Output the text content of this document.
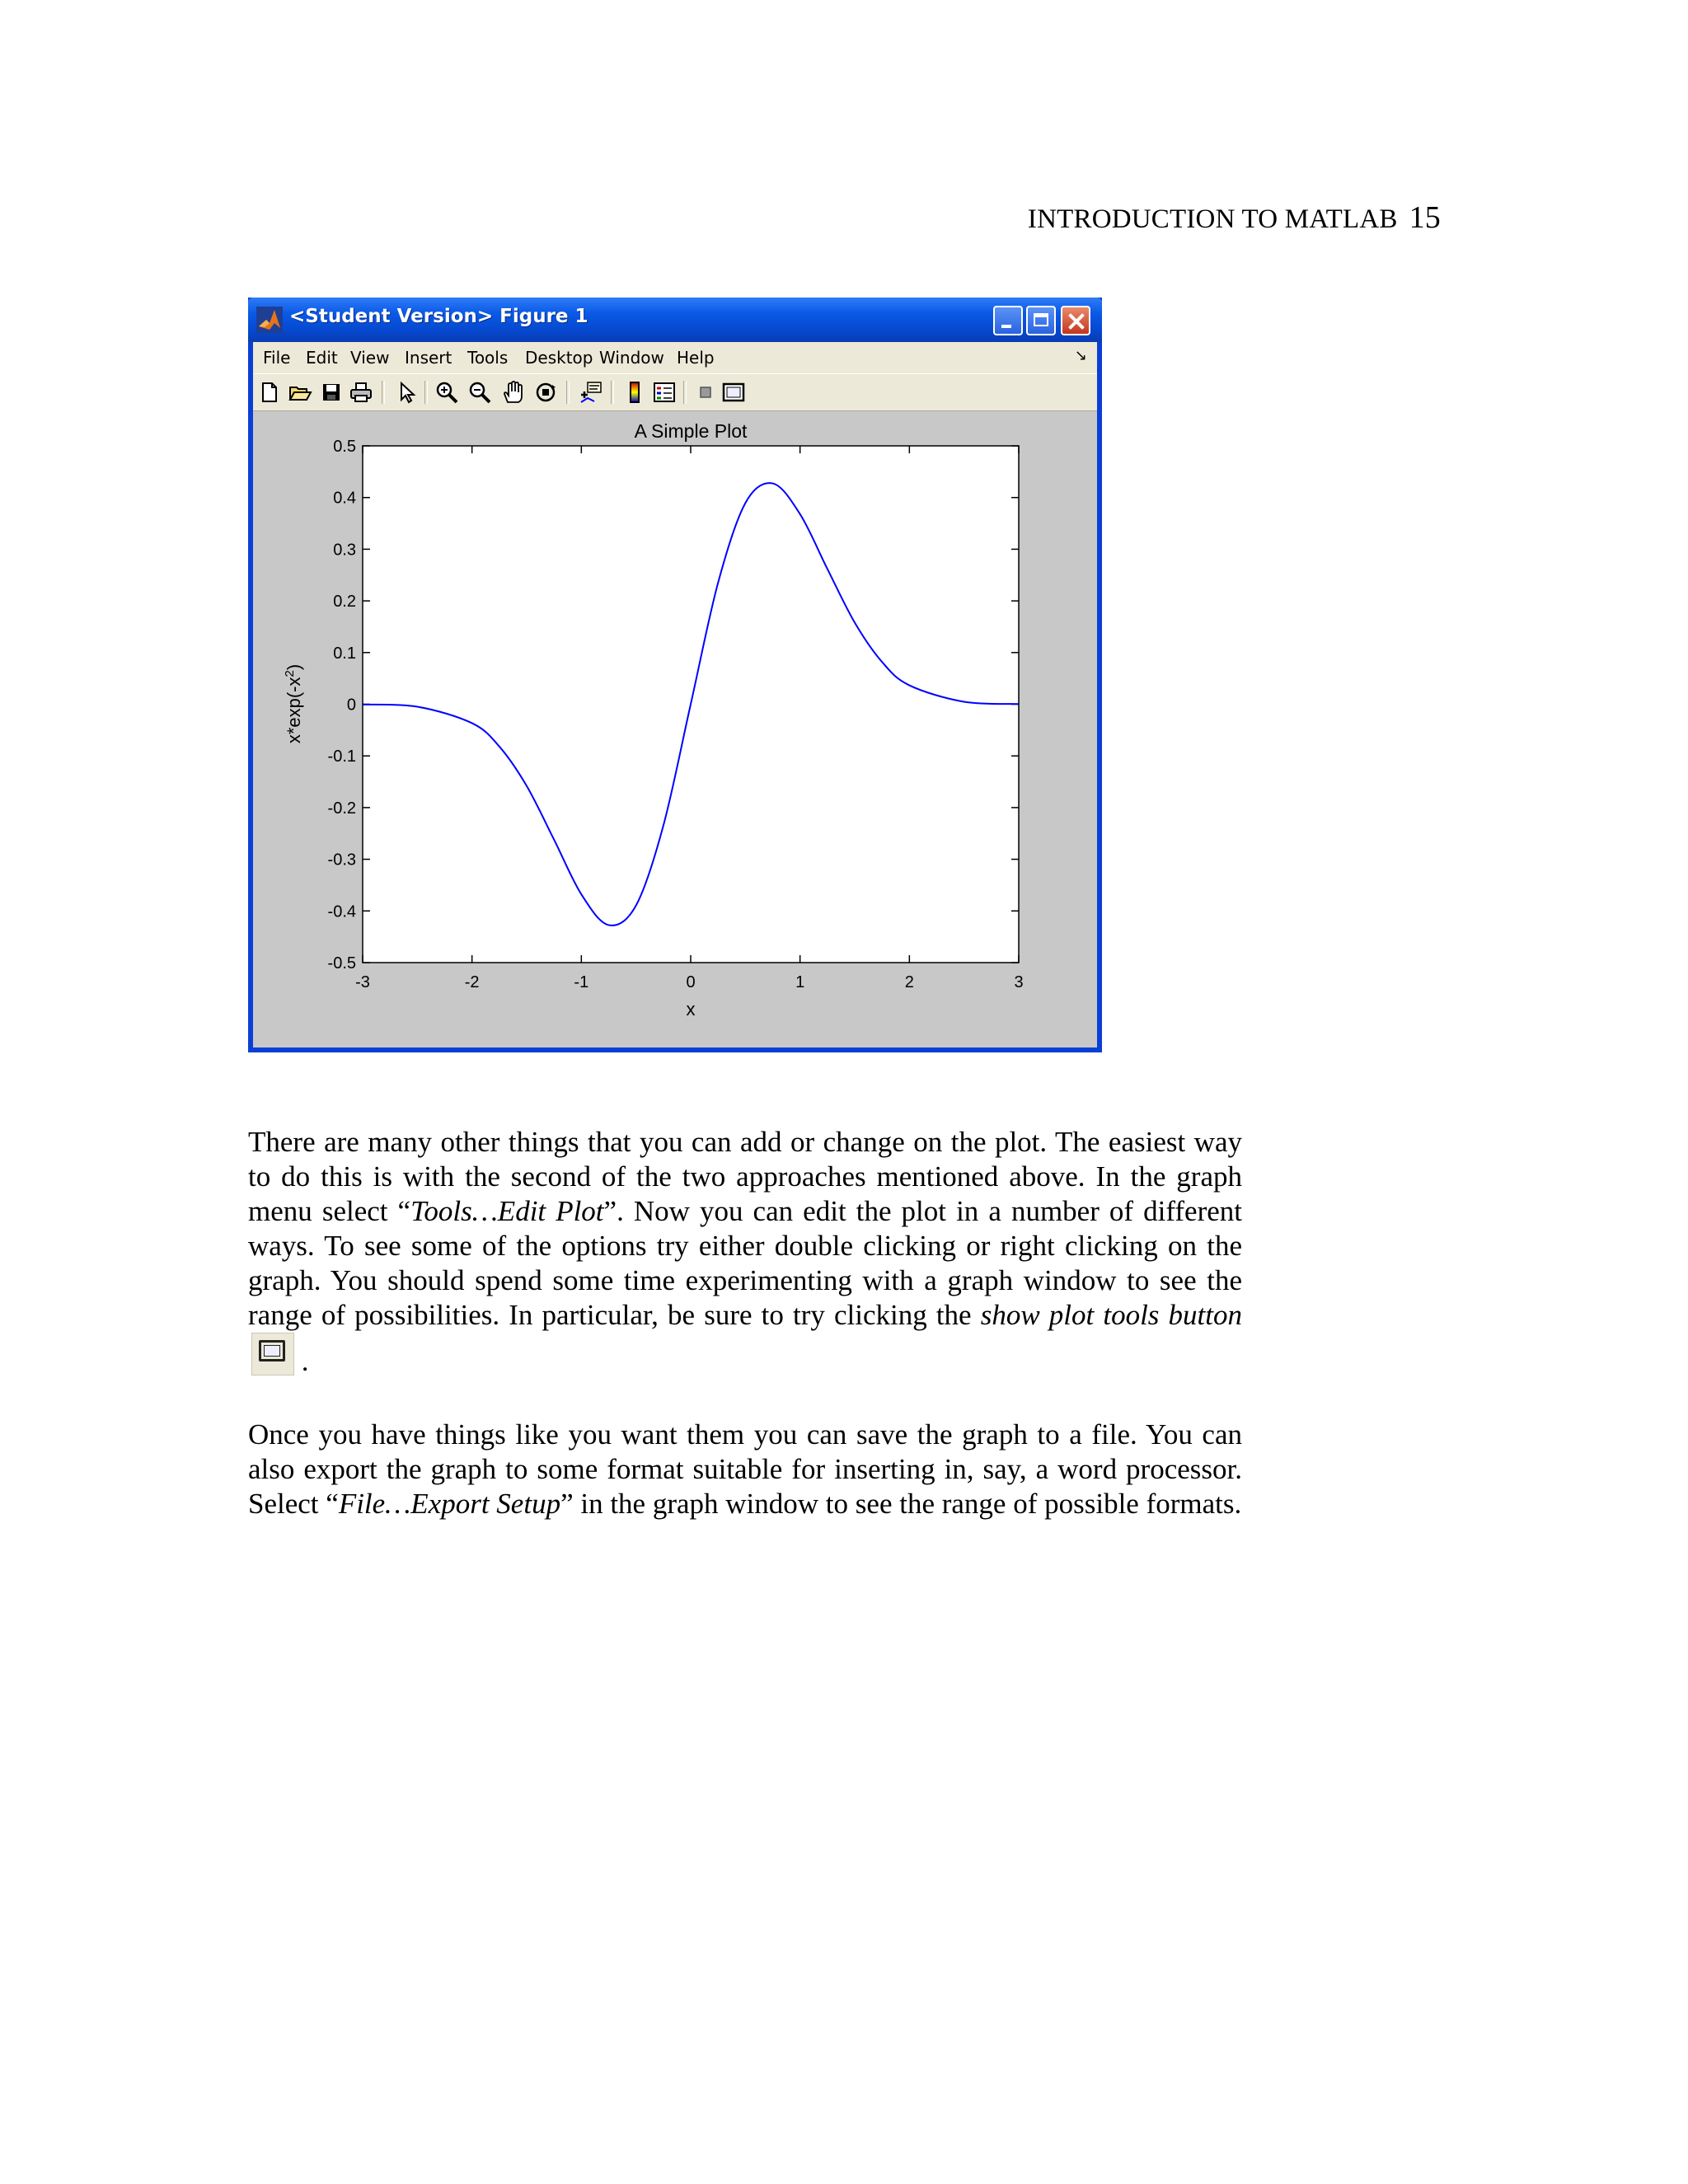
INTRODUCTION TO MATLAB 15
<Student Version> Figure 1
File Edit View Insert Tools Desktop Window Help	↘
A Simple Plot
x
$x*\exp(-x^2)$
-3	-2	-1	0	1	2	3
0.5
0.4
0.3
0.2
0.1
0
-0.1
-0.2
-0.3
-0.4
-0.5

There are many other things that you can add or change on the plot. The easiest way to do this is with the second of the two approaches mentioned above. In the graph menu select “Tools…Edit Plot”. Now you can edit the plot in a number of different ways. To see some of the options try either double clicking or right clicking on the graph. You should spend some time experimenting with a graph window to see the range of possibilities. In particular, be sure to try clicking the show plot tools button .

Once you have things like you want them you can save the graph to a file. You can also export the graph to some format suitable for inserting in, say, a word processor. Select “File…Export Setup” in the graph window to see the range of possible formats.
